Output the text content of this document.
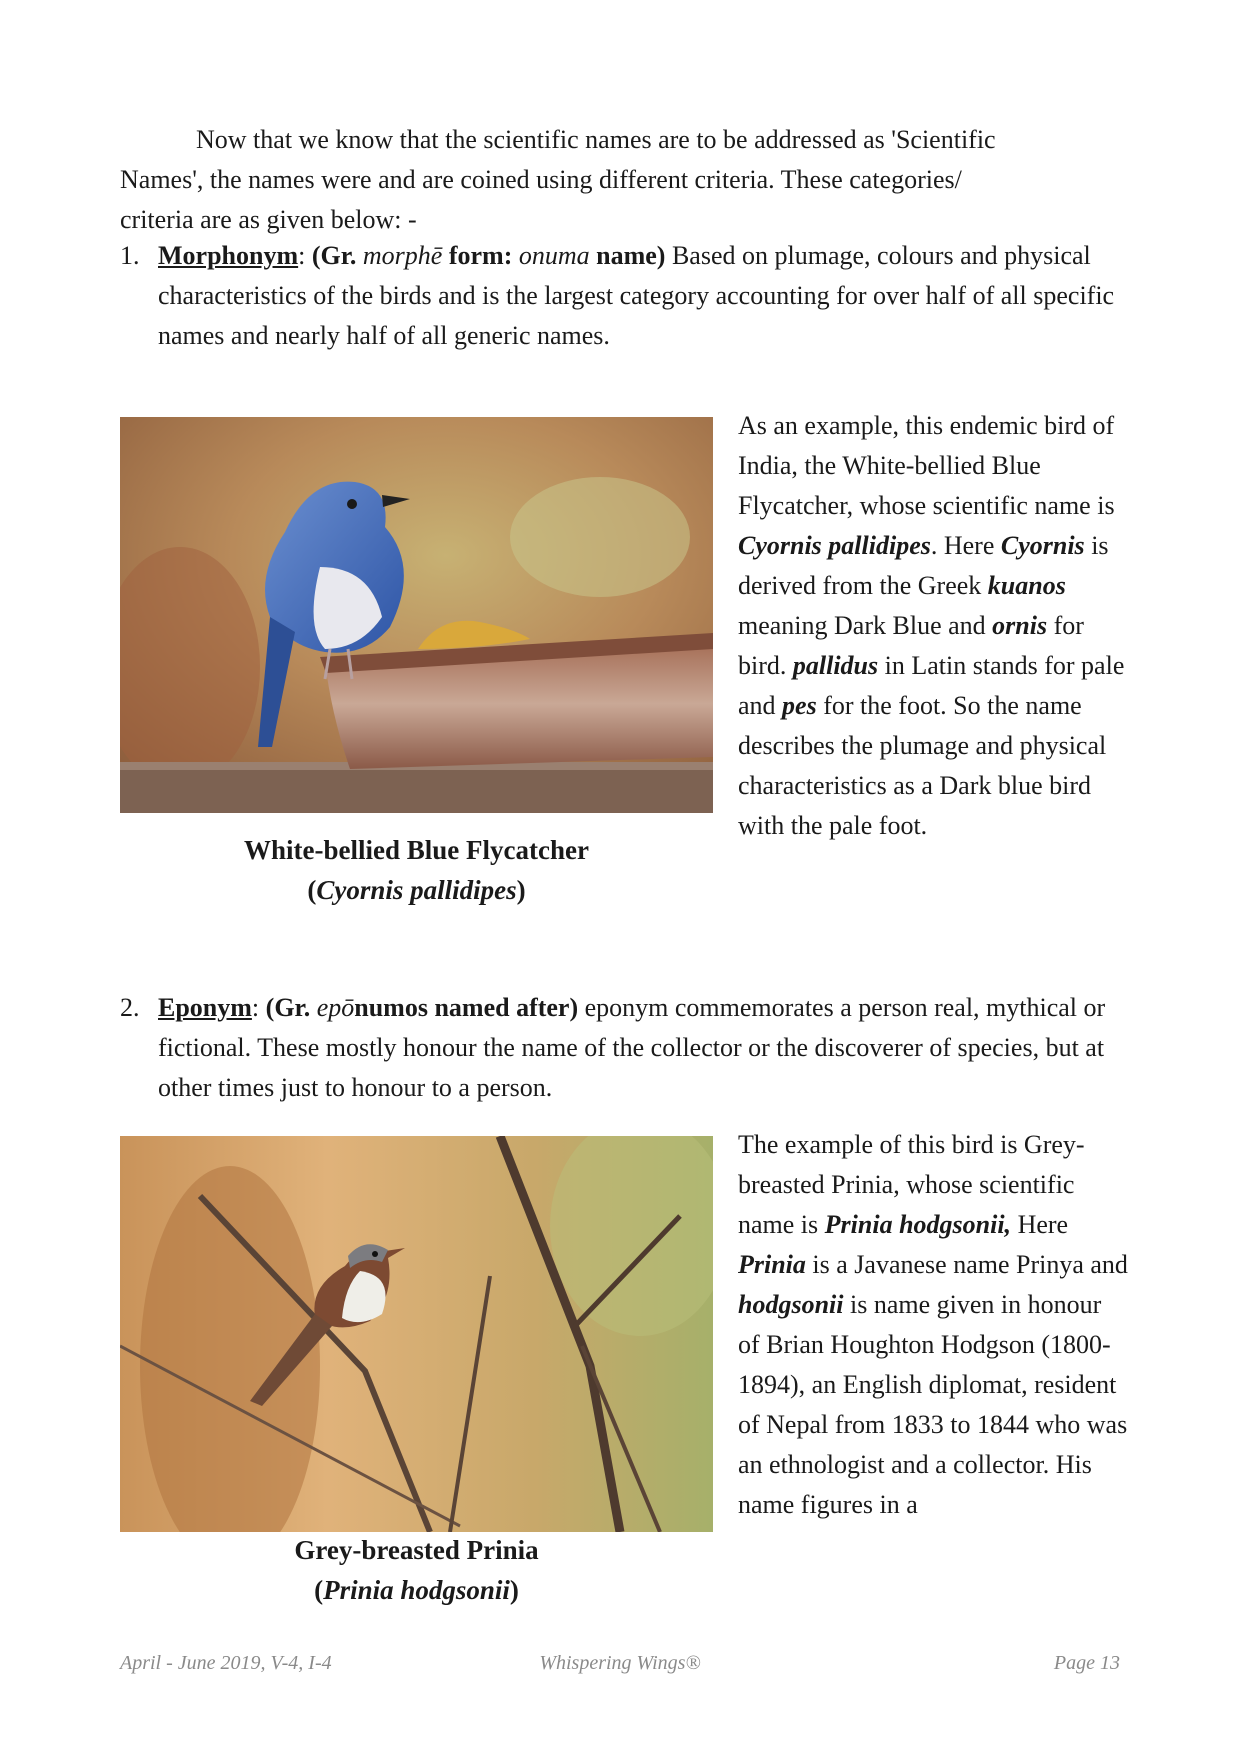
Now that we know that the scientific names are to be addressed as 'Scientific
Names', the names were and are coined using different criteria. These categories/
criteria are as given below: -

1. Morphonym: (Gr. morphē form: onuma name) Based on plumage, colours and physical characteristics of the birds and is the largest category accounting for over half of all specific names and nearly half of all generic names.
White-bellied Blue Flycatcher
(Cyornis pallidipes)
As an example, this endemic bird of India, the White-bellied Blue Flycatcher, whose scientific name is Cyornis pallidipes. Here Cyornis is derived from the Greek kuanos meaning Dark Blue and ornis for bird. pallidus in Latin stands for pale and pes for the foot. So the name describes the plumage and physical characteristics as a Dark blue bird with the pale foot.
2. Eponym: (Gr. epōnumos named after) eponym commemorates a person real, mythical or fictional. These mostly honour the name of the collector or the discoverer of species, but at other times just to honour to a person.
Grey-breasted Prinia
(Prinia hodgsonii)
The example of this bird is Grey-breasted Prinia, whose scientific name is Prinia hodgsonii, Here Prinia is a Javanese name Prinya and hodgsonii is name given in honour of Brian Houghton Hodgson (1800-1894), an English diplomat, resident of Nepal from 1833 to 1844 who was an ethnologist and a collector. His name figures in a
April - June 2019, V-4, I-4	Whispering Wings®	Page 13
